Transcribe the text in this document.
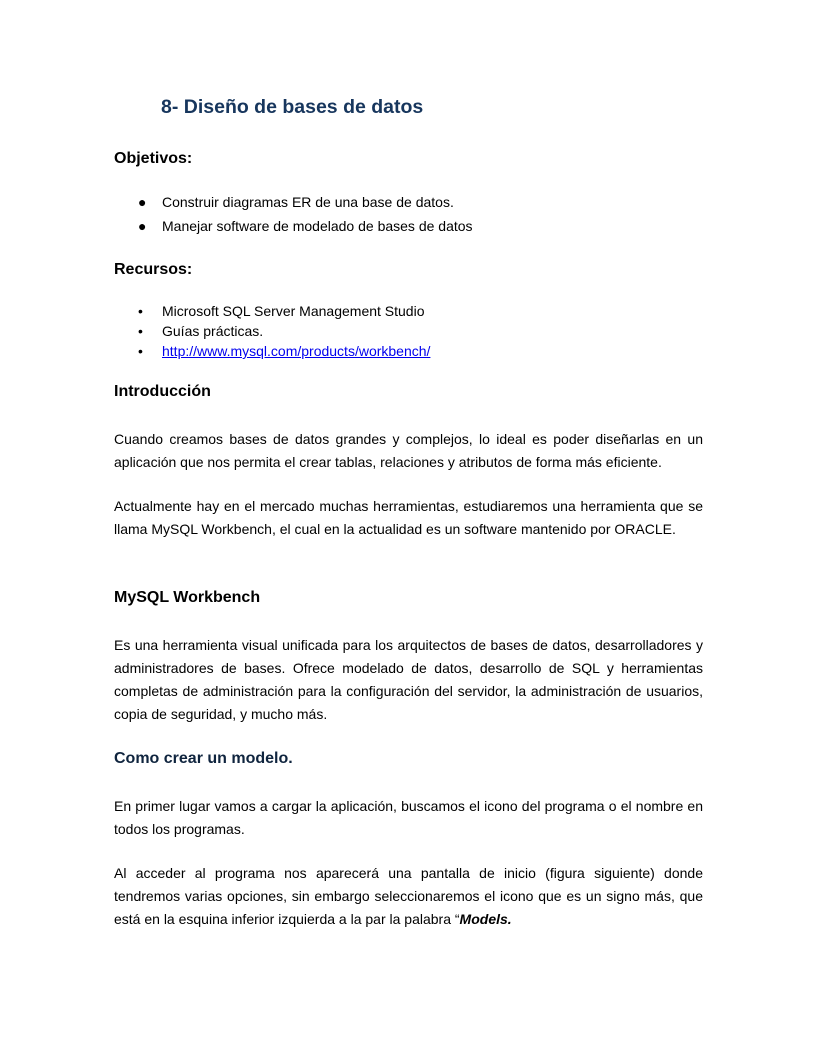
8- Diseño de bases de datos
Objetivos:
● Construir diagramas ER de una base de datos.
● Manejar software de modelado de bases de datos
Recursos:
• Microsoft SQL Server Management Studio
• Guías prácticas.
• http://www.mysql.com/products/workbench/
Introducción

Cuando creamos bases de datos grandes y complejos, lo ideal es poder diseñarlas en un aplicación que nos permita el crear tablas, relaciones y atributos de forma más eficiente.

Actualmente hay en el mercado muchas herramientas, estudiaremos una herramienta que se llama MySQL Workbench, el cual en la actualidad es un software mantenido por ORACLE.

MySQL Workbench

Es una herramienta visual unificada para los arquitectos de bases de datos, desarrolladores y administradores de bases. Ofrece modelado de datos, desarrollo de SQL y herramientas completas de administración para la configuración del servidor, la administración de usuarios, copia de seguridad, y mucho más.

Como crear un modelo.

En primer lugar vamos a cargar la aplicación, buscamos el icono del programa o el nombre en todos los programas.

Al acceder al programa nos aparecerá una pantalla de inicio (figura siguiente) donde tendremos varias opciones, sin embargo seleccionaremos el icono que es un signo más, que está en la esquina inferior izquierda a la par la palabra “Models.
